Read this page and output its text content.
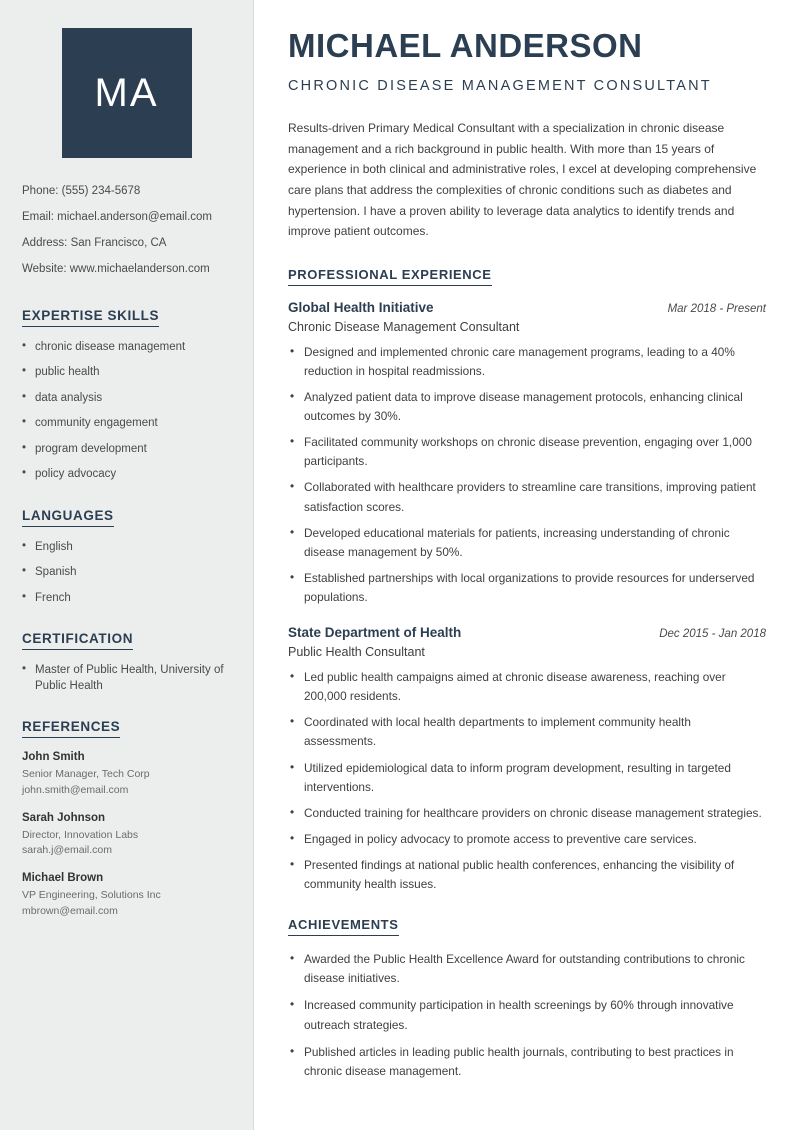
MA
Phone: (555) 234-5678
Email: michael.anderson@email.com
Address: San Francisco, CA
Website: www.michaelanderson.com
EXPERTISE SKILLS
• chronic disease management
• public health
• data analysis
• community engagement
• program development
• policy advocacy
LANGUAGES
• English
• Spanish
• French
CERTIFICATION
• Master of Public Health, University of Public Health
REFERENCES
John Smith
Senior Manager, Tech Corp
john.smith@email.com
Sarah Johnson
Director, Innovation Labs
sarah.j@email.com
Michael Brown
VP Engineering, Solutions Inc
mbrown@email.com
MICHAEL ANDERSON
CHRONIC DISEASE MANAGEMENT CONSULTANT

Results-driven Primary Medical Consultant with a specialization in chronic disease management and a rich background in public health. With more than 15 years of experience in both clinical and administrative roles, I excel at developing comprehensive care plans that address the complexities of chronic conditions such as diabetes and hypertension. I have a proven ability to leverage data analytics to identify trends and improve patient outcomes.

PROFESSIONAL EXPERIENCE
Global Health Initiative	Mar 2018 - Present
Chronic Disease Management Consultant
• Designed and implemented chronic care management programs, leading to a 40% reduction in hospital readmissions.
• Analyzed patient data to improve disease management protocols, enhancing clinical outcomes by 30%.
• Facilitated community workshops on chronic disease prevention, engaging over 1,000 participants.
• Collaborated with healthcare providers to streamline care transitions, improving patient satisfaction scores.
• Developed educational materials for patients, increasing understanding of chronic disease management by 50%.
• Established partnerships with local organizations to provide resources for underserved populations.
State Department of Health	Dec 2015 - Jan 2018
Public Health Consultant
• Led public health campaigns aimed at chronic disease awareness, reaching over 200,000 residents.
• Coordinated with local health departments to implement community health assessments.
• Utilized epidemiological data to inform program development, resulting in targeted interventions.
• Conducted training for healthcare providers on chronic disease management strategies.
• Engaged in policy advocacy to promote access to preventive care services.
• Presented findings at national public health conferences, enhancing the visibility of community health issues.
ACHIEVEMENTS
• Awarded the Public Health Excellence Award for outstanding contributions to chronic disease initiatives.
• Increased community participation in health screenings by 60% through innovative outreach strategies.
• Published articles in leading public health journals, contributing to best practices in chronic disease management.
